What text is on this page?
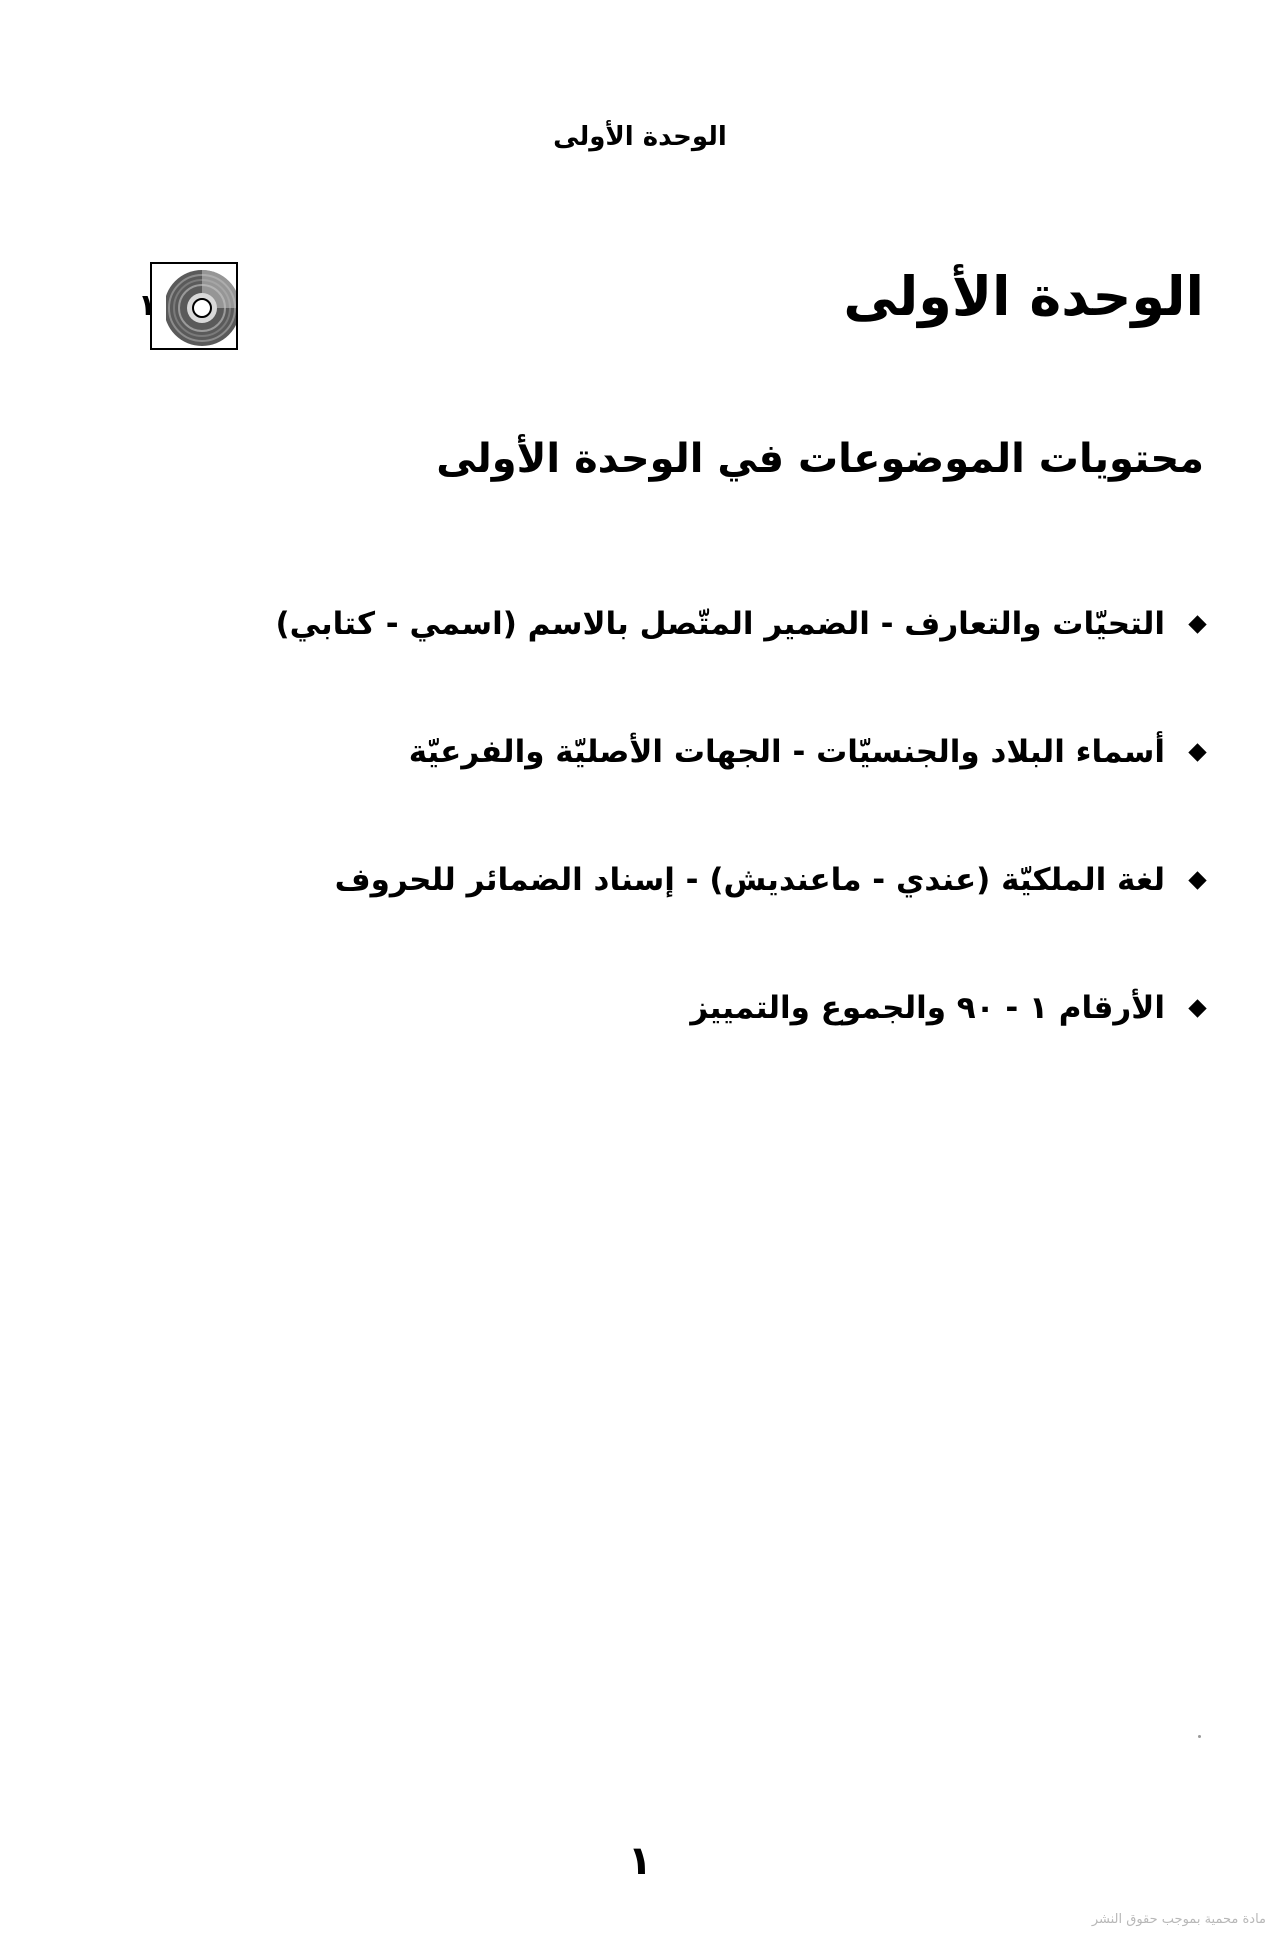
الوحدة الأولى
الوحدة الأولى
١
محتويات الموضوعات في الوحدة الأولى
التحيّات والتعارف - الضمير المتّصل بالاسم (اسمي - كتابي)
أسماء البلاد والجنسيّات - الجهات الأصليّة والفرعيّة
لغة الملكيّة (عندي - ماعنديش) - إسناد الضمائر للحروف
الأرقام ١ - ٩٠ والجموع والتمييز
١
مادة محمية بموجب حقوق النشر
